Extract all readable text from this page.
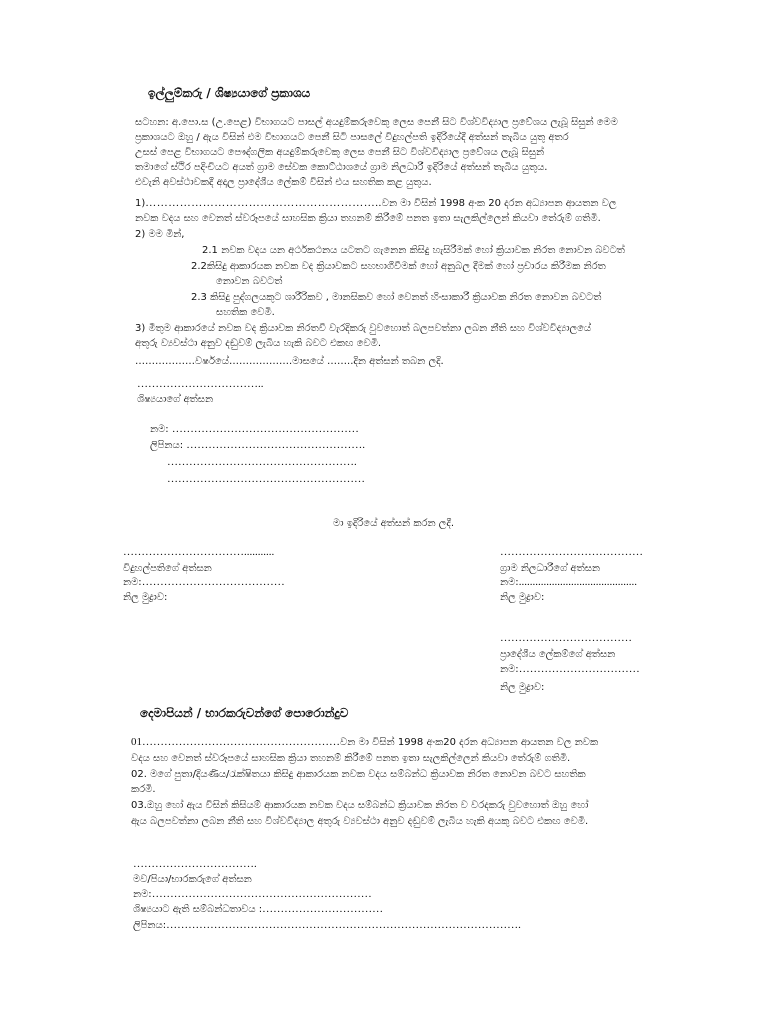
ඉල්ලුම්කරු / ශිෂ්‍යයාගේ ප්‍රකාශය
සටහන: අ.පො.ස (උ.පෙළ) විභාගයට පාසල් අයදුම්කරුවෙකු ලෙස පෙනී සිට විශ්වවිද්‍යාල ප්‍රවේශය ලැබූ සිසුන් මෙම
ප්‍රකාශයට ඔහු / ඇය විසින් එම විභාගයට පෙනී සිටි පාසලේ විදුහල්පති ඉදිරියේදී අත්සන් තැබිය යුතු අතර
උසස් පෙළ විභාගයට පෞද්ගලික අයදුම්කරුවෙකු ලෙස පෙනී සිට විශ්වවිද්‍යාල ප්‍රවේශය ලැබූ සිසුන්
තමාගේ ස්ථිර පදිංචියට අයත් ග්‍රාම සේවක කොට්ඨාශයේ ග්‍රාම නිලධාරී ඉදිරියේ අත්සන් තැබිය යුතුය.
එවැනි අවස්ථාවකදී අදාල ප්‍රාදේශීය ලේකම් විසින් එය සහතික කළ යුතුය.
1)……………………………………………………..වන මා විසින් 1998 අංක 20 දරන අධ්‍යාපන ආයතන වල
නවක වදය සහ වෙනත් ස්වරූපයේ සාහසික ක්‍රියා තහනම් කිරීමේ පනත ඉතා සැලකිල්ලෙන් කියවා තේරුම් ගතිමි.
2) මම මින්,
2.1 නවක වදය යන අර්ථකථනය යටතට ගැනෙන කිසිදු හැසිරීමක් හෝ ක්‍රියාවක නිරත නොවන බවටත්
2.2කිසිදු ආකාරයක නවක වද ක්‍රියාවකට සහභාගීවීමක් හෝ අනුබල දීමක් හෝ ප්‍රචාරය කිරීමක නිරත
නොවන බවටත්
2.3 කිසිදු පුද්ගලයකුට ශාරීරිකව , මානසිකව හෝ වෙනත් හිංසාකාරී ක්‍රියාවක නිරත නොවන බවටත්
සහතික වෙමි.
3) මීතුම ආකාරයේ නවක වද ක්‍රියාවක නිරතවී වැරදිකරු වුවහොත් බලපවත්නා ලබන නීති සහ විශ්වවිද්‍යාලයේ
අතුරු ව්‍යවස්ථා අනුව දඬුවම් ලැබිය හැකි බවට එකඟ වෙමි.
………………වර්ෂයේ……………….මාසයේ ……..දින අත්සන් තබන ලදි.
……………………………..
ශිෂ්‍යයාගේ අත්සන
නම: ……………………………………………
ලිපිනය: ………………………………………….
…………………………………………….
………………………………………………
මා ඉදිරියේ අත්සන් කරන ලදී.
……………………………...........
විදුහල්පතිගේ අත්සන
නම:…………………………………
නිල මුද්‍රාව:
…………………………………
ග්‍රාම නිලධාරීගේ අත්සන
නම:...........................................
නිල මුද්‍රාව:
………………………………
ප්‍රාදේශීය ලේකම්ගේ අත්සන
නම:……………………………
නිල මුද්‍රාව:
දෙමාපියන් / භාරකරුවන්ගේ පොරොන්දුව
01………………………………………………වන මා විසින් 1998 අංක20 දරන අධ්‍යාපන ආයතන වල නවක
වදය සහ වෙනත් ස්වරූපයේ සාහසික ක්‍රියා තහනම් කිරීමේ පනත ඉතා සැලකිල්ලෙන් කියවා තේරුම් ගතිමි.
02. මගේ පුතා/දියණිය/රැක්ෂිතයා කිසිදු ආකාරයක නවක වදය සම්බන්ධ ක්‍රියාවක නිරත නොවන බවට සහතික
කරමි.
03.ඔහු හෝ ඇය විසින් කිසියම් ආකාරයක නවක වදය සම්බන්ධ ක්‍රියාවක නිරත ව වරදකරු වුවහොත් ඔහු හෝ
ඇය බලපවත්නා ලබන නීති සහ විශ්වවිද්‍යාල අතුරු ව්‍යවස්ථා අනුව දඬුවම් ලැබිය හැකි අයකු බවට එකඟ වෙමි.
…………………………….
මව/පියා/භාරකරුගේ අත්සන
නම:……………………………………………………
ශිෂ්‍යයාට ඇති සම්බන්ධතාවය :……………………………
ලිපිනය:…………………………………………………………………………………….
